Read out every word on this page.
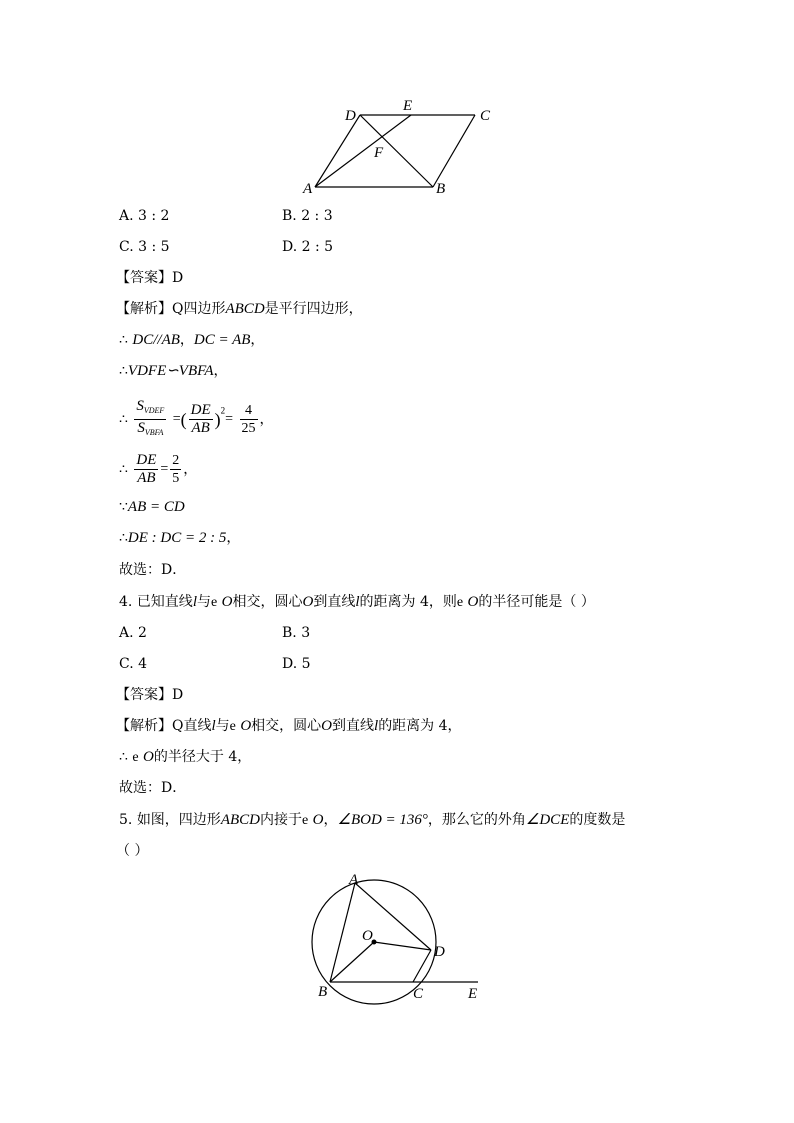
D
E
C
F
A	B
A. 3 : 2	B. 2 : 3
C. 3 : 5	D. 2 : 5
【答案】D
【解析】Q四边形ABCD是平行四边形，
∴ DC//AB，DC = AB，
∴VDFE∽VBFA，
∴ $\frac{S_{VDEF}}{S_{VBFA}}$ =( $\frac{DE}{AB} )^2= \frac{4}{25}$ ，
∴ $\frac{DE}{AB} = \frac{2}{5}$ ，
∵AB = CD
∴DE : DC = 2 : 5，
故选：D．
4. 已知直线l与e O相交，圆心O到直线l的距离为 4，则e O的半径可能是（ ）
A. 2	B. 3
C. 4	D. 5
【答案】D
【解析】Q直线l与e O相交，圆心O到直线l的距离为 4，
∴ e O的半径大于 4，
故选：D．
5. 如图，四边形ABCD内接于e O，∠BOD = 136°，那么它的外角∠DCE的度数是
（ ）
A
O
D
B	C	E
